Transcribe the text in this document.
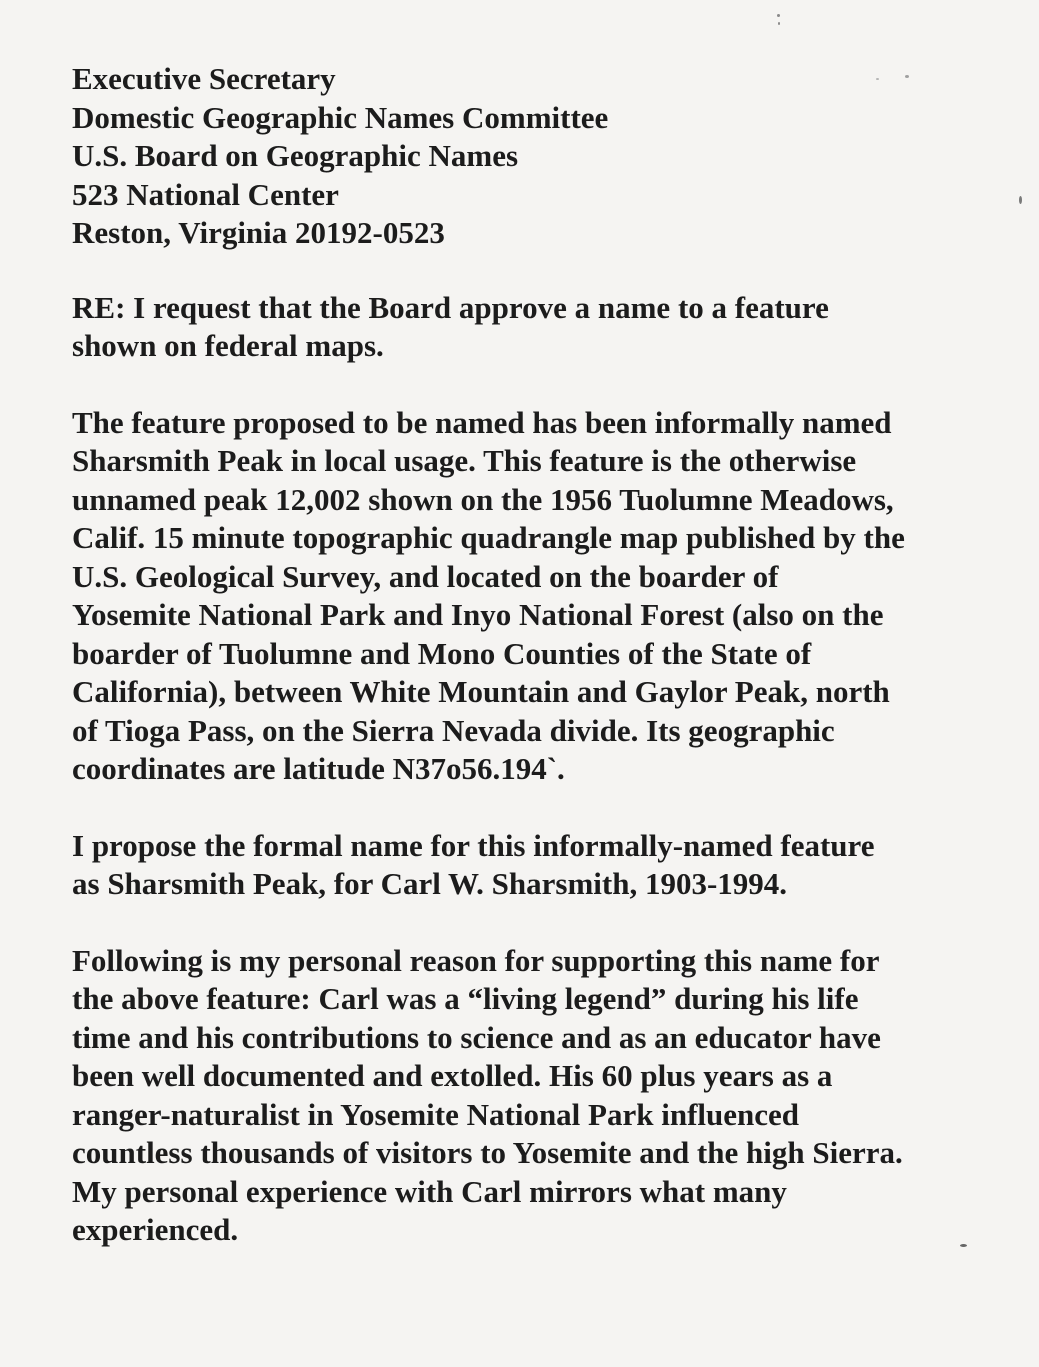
Executive Secretary
Domestic Geographic Names Committee
U.S. Board on Geographic Names
523 National Center
Reston, Virginia 20192-0523
RE: I request that the Board approve a name to a feature
shown on federal maps.
The feature proposed to be named has been informally named
Sharsmith Peak in local usage. This feature is the otherwise
unnamed peak 12,002 shown on the 1956 Tuolumne Meadows,
Calif. 15 minute topographic quadrangle map published by the
U.S. Geological Survey, and located on the boarder of
Yosemite National Park and Inyo National Forest (also on the
boarder of Tuolumne and Mono Counties of the State of
California), between White Mountain and Gaylor Peak, north
of Tioga Pass, on the Sierra Nevada divide. Its geographic
coordinates are latitude N37o56.194`.
I propose the formal name for this informally-named feature
as Sharsmith Peak, for Carl W. Sharsmith, 1903-1994.
Following is my personal reason for supporting this name for
the above feature: Carl was a “living legend” during his life
time and his contributions to science and as an educator have
been well documented and extolled. His 60 plus years as a
ranger-naturalist in Yosemite National Park influenced
countless thousands of visitors to Yosemite and the high Sierra.
My personal experience with Carl mirrors what many
experienced.
